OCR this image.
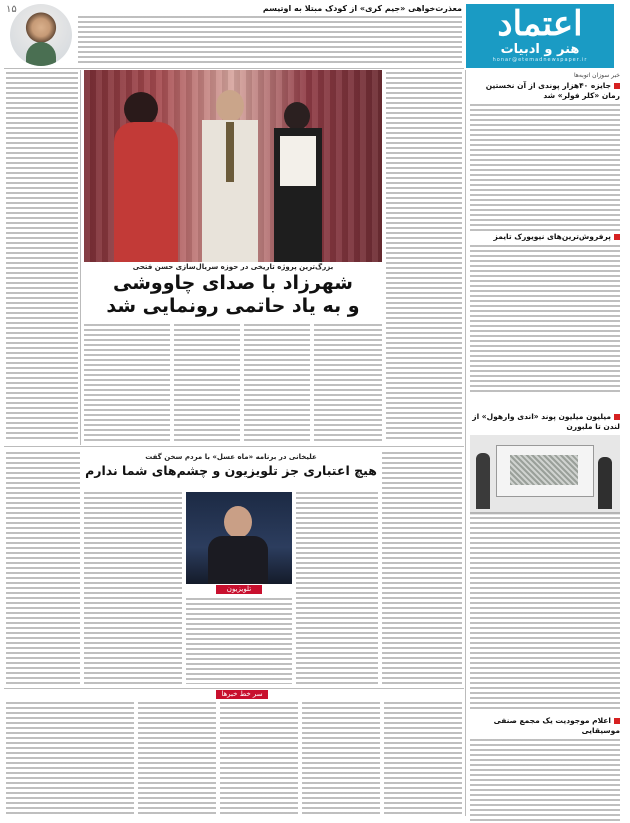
۱۵	اعتماد
هنر و ادبیات
honar@etemadnewspaper.ir
معذرت‌خواهی «جیم کری» از کودک مبتلا به اوتیسم
بزرگ‌ترین پروژه تاریخی در حوزه سریال‌سازی حسن فتحی
شهرزاد با صدای چاووشی
و به یاد حاتمی رونمایی شد
علیخانی در برنامه «ماه عسل» با مردم سخن گفت
هیچ اعتباری جز تلویزیون و چشم‌های شما ندارم
تلویزیون
سر خط خبرها
خبر سوزان اتوبه‌ها
جایزه ۴۰هزار پوندی از آن نخستین رمان «کلر فولر» شد
پرفروش‌ترین‌های نیویورک تایمز
میلیون میلیون پوند «اندی وارهول» از لندن تا ملبورن
اعلام موجودیت یک مجمع صنفی موسیقایی
